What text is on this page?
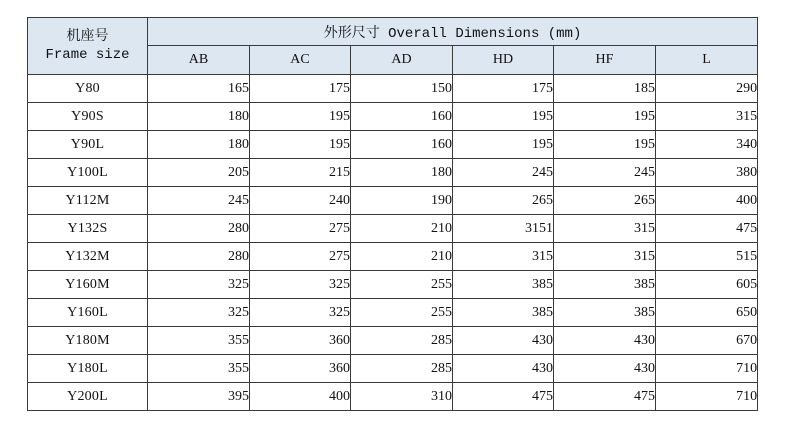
机座号
Frame size	外形尺寸 Overall Dimensions (mm)					
	AB	AC	AD	HD	HF	L
Y80	165	175	150	175	185	290
Y90S	180	195	160	195	195	315
Y90L	180	195	160	195	195	340
Y100L	205	215	180	245	245	380
Y112M	245	240	190	265	265	400
Y132S	280	275	210	3151	315	475
Y132M	280	275	210	315	315	515
Y160M	325	325	255	385	385	605
Y160L	325	325	255	385	385	650
Y180M	355	360	285	430	430	670
Y180L	355	360	285	430	430	710
Y200L	395	400	310	475	475	710
